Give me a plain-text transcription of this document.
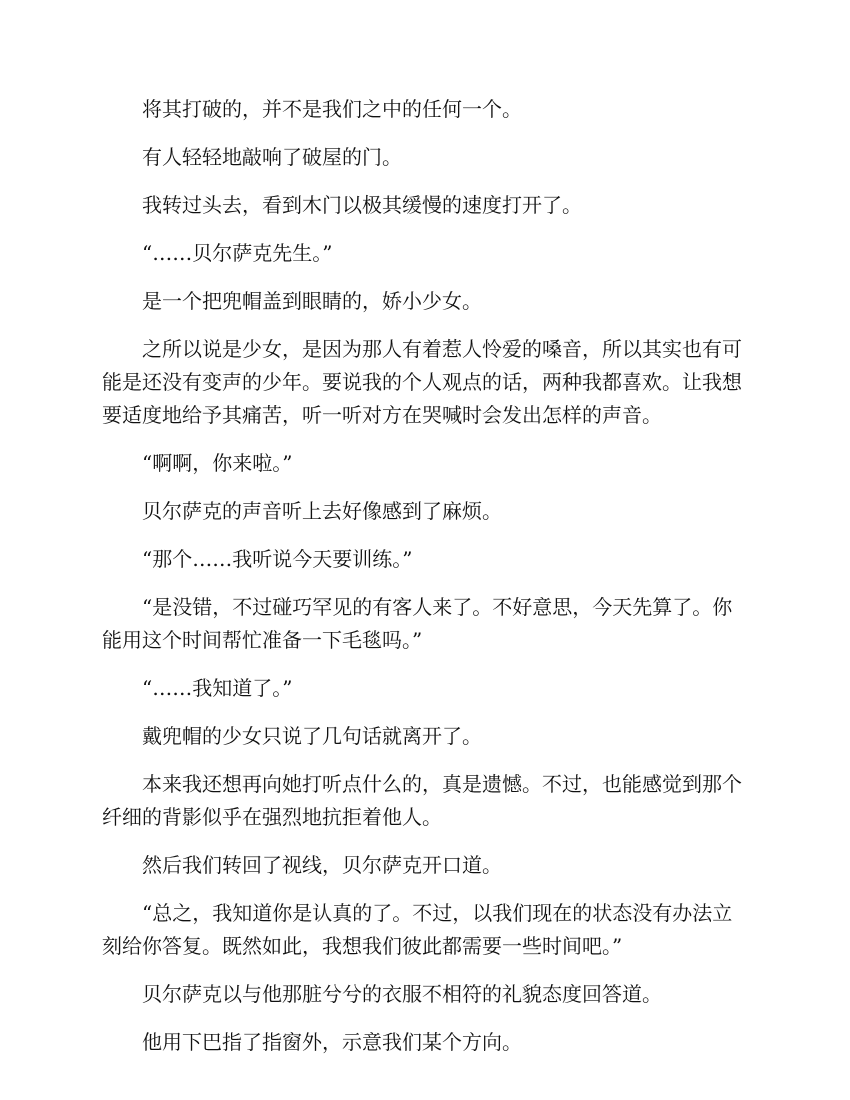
将其打破的，并不是我们之中的任何一个。

有人轻轻地敲响了破屋的门。

我转过头去，看到木门以极其缓慢的速度打开了。

“……贝尔萨克先生。”

是一个把兜帽盖到眼睛的，娇小少女。

之所以说是少女，是因为那人有着惹人怜爱的嗓音，所以其实也有可能是还没有变声的少年。要说我的个人观点的话，两种我都喜欢。让我想要适度地给予其痛苦，听一听对方在哭喊时会发出怎样的声音。

“啊啊，你来啦。”

贝尔萨克的声音听上去好像感到了麻烦。

“那个……我听说今天要训练。”

“是没错，不过碰巧罕见的有客人来了。不好意思，今天先算了。你能用这个时间帮忙准备一下毛毯吗。”

“……我知道了。”

戴兜帽的少女只说了几句话就离开了。

本来我还想再向她打听点什么的，真是遗憾。不过，也能感觉到那个纤细的背影似乎在强烈地抗拒着他人。

然后我们转回了视线，贝尔萨克开口道。

“总之，我知道你是认真的了。不过，以我们现在的状态没有办法立刻给你答复。既然如此，我想我们彼此都需要一些时间吧。”

贝尔萨克以与他那脏兮兮的衣服不相符的礼貌态度回答道。

他用下巴指了指窗外，示意我们某个方向。
